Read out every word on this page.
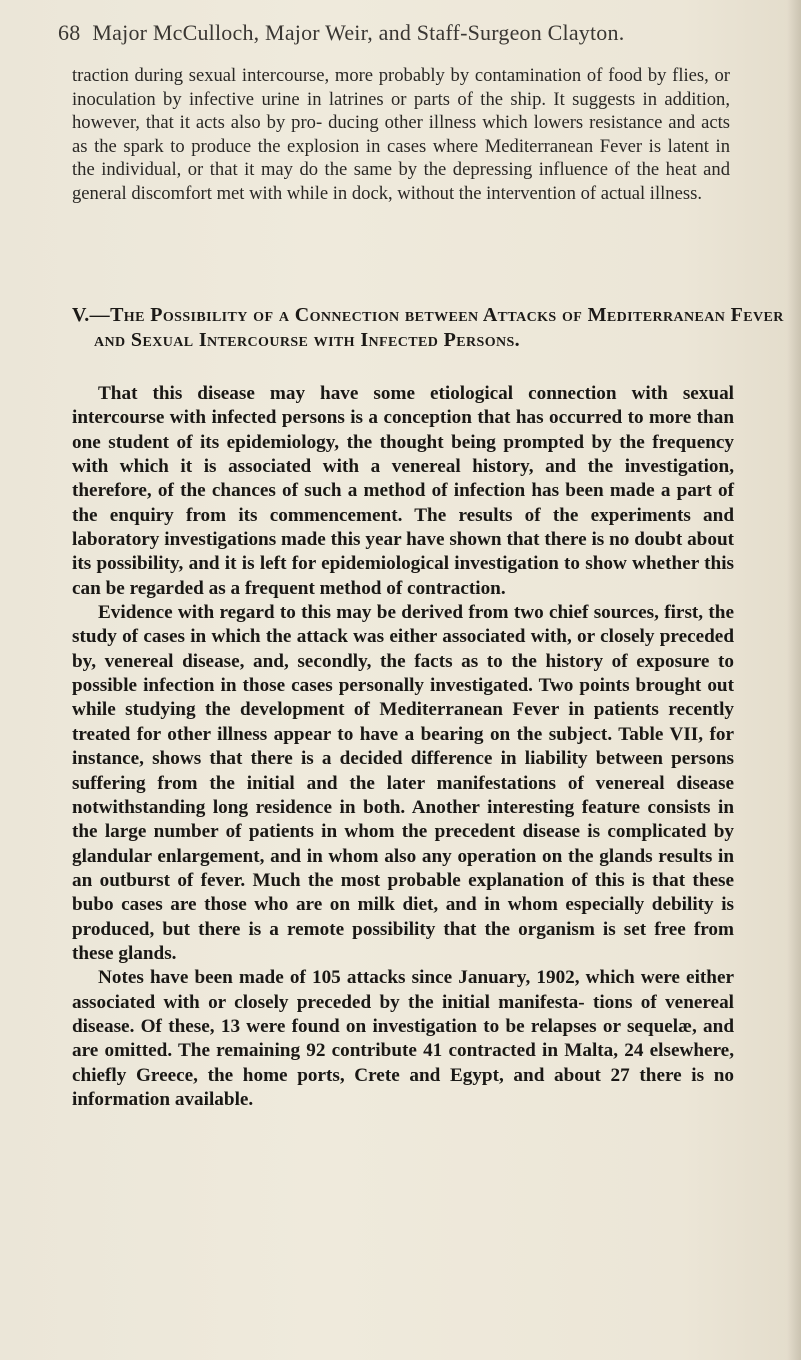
68 Major McCulloch, Major Weir, and Staff-Surgeon Clayton.

traction during sexual intercourse, more probably by contamination of food by flies, or inoculation by infective urine in latrines or parts of the ship. It suggests in addition, however, that it acts also by pro- ducing other illness which lowers resistance and acts as the spark to produce the explosion in cases where Mediterranean Fever is latent in the individual, or that it may do the same by the depressing influence of the heat and general discomfort met with while in dock, without the intervention of actual illness.

V.—The Possibility of a Connection between Attacks of Mediterranean Fever and Sexual Intercourse with Infected Persons.

That this disease may have some etiological connection with sexual intercourse with infected persons is a conception that has occurred to more than one student of its epidemiology, the thought being prompted by the frequency with which it is associated with a venereal history, and the investigation, therefore, of the chances of such a method of infection has been made a part of the enquiry from its commencement. The results of the experiments and laboratory investigations made this year have shown that there is no doubt about its possibility, and it is left for epidemiological investigation to show whether this can be regarded as a frequent method of contraction.

Evidence with regard to this may be derived from two chief sources, first, the study of cases in which the attack was either associated with, or closely preceded by, venereal disease, and, secondly, the facts as to the history of exposure to possible infection in those cases personally investigated. Two points brought out while studying the development of Mediterranean Fever in patients recently treated for other illness appear to have a bearing on the subject. Table VII, for instance, shows that there is a decided difference in liability between persons suffering from the initial and the later manifestations of venereal disease notwithstanding long residence in both. Another interesting feature consists in the large number of patients in whom the precedent disease is complicated by glandular enlargement, and in whom also any operation on the glands results in an outburst of fever. Much the most probable explanation of this is that these bubo cases are those who are on milk diet, and in whom especially debility is produced, but there is a remote possibility that the organism is set free from these glands.

Notes have been made of 105 attacks since January, 1902, which were either associated with or closely preceded by the initial manifesta- tions of venereal disease. Of these, 13 were found on investigation to be relapses or sequelæ, and are omitted. The remaining 92 contribute 41 contracted in Malta, 24 elsewhere, chiefly Greece, the home ports, Crete and Egypt, and about 27 there is no information available.
